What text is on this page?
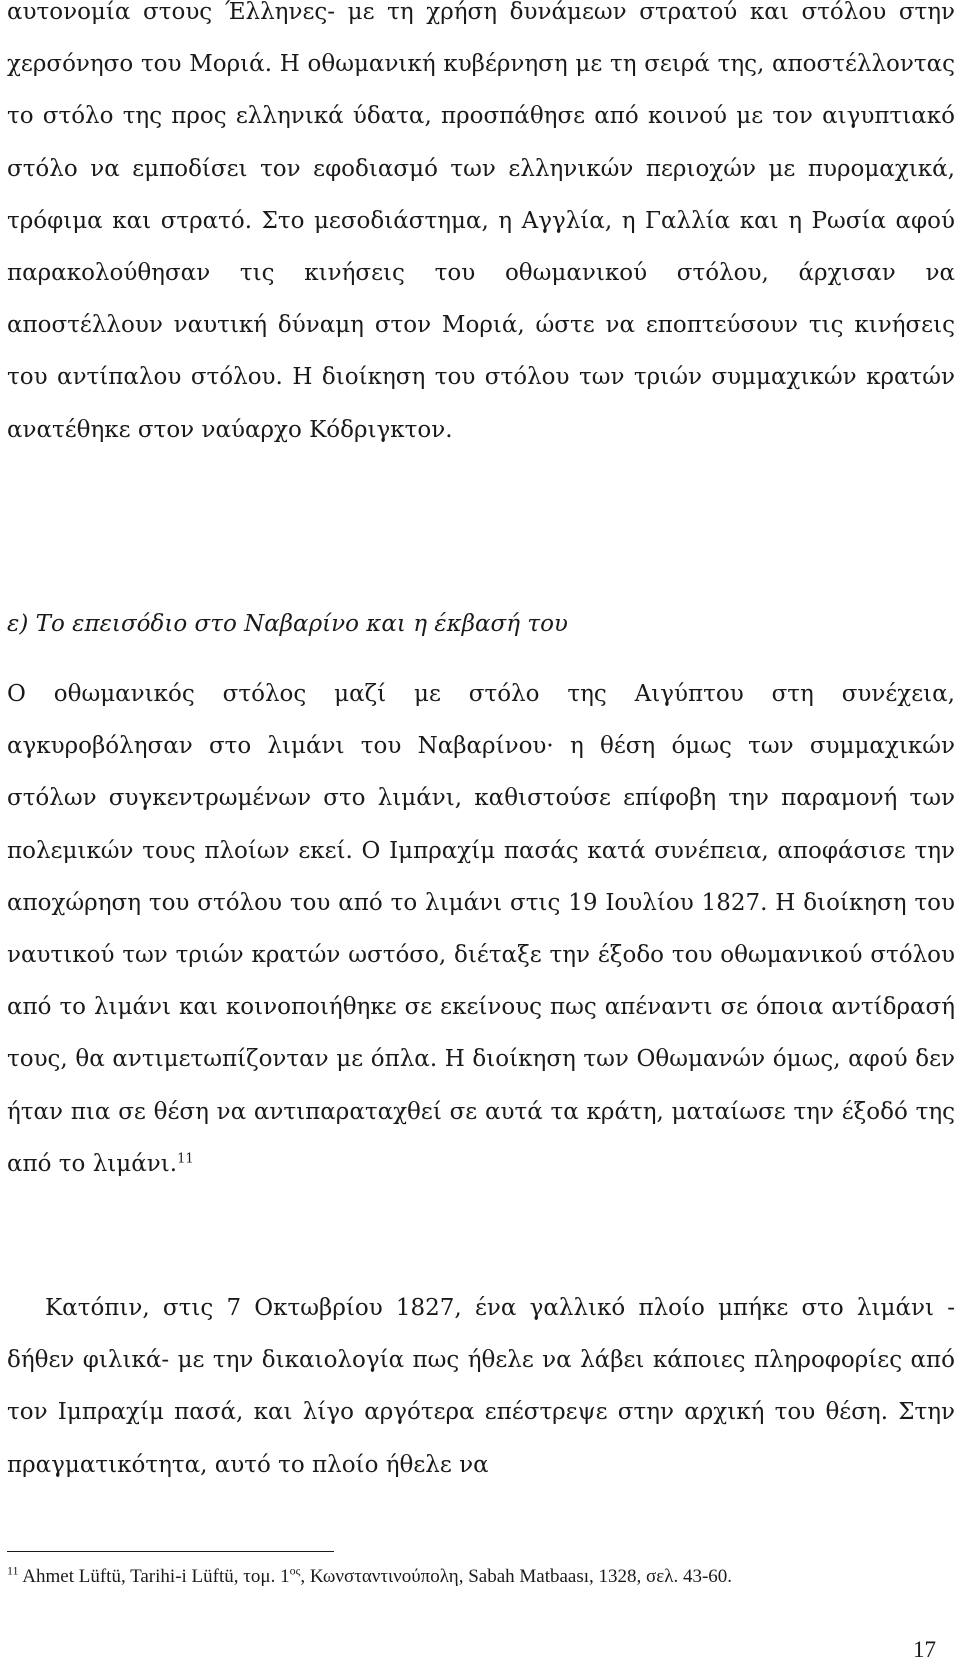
αυτονομία στους Έλληνες- με τη χρήση δυνάμεων στρατού και στόλου στην χερσόνησο του Μοριά. Η οθωμανική κυβέρνηση με τη σειρά της, αποστέλλοντας το στόλο της προς ελληνικά ύδατα, προσπάθησε από κοινού με τον αιγυπτιακό στόλο να εμποδίσει τον εφοδιασμό των ελληνικών περιοχών με πυρομαχικά, τρόφιμα και στρατό. Στο μεσοδιάστημα, η Αγγλία, η Γαλλία και η Ρωσία αφού παρακολούθησαν τις κινήσεις του οθωμανικού στόλου, άρχισαν να αποστέλλουν ναυτική δύναμη στον Μοριά, ώστε να εποπτεύσουν τις κινήσεις του αντίπαλου στόλου. Η διοίκηση του στόλου των τριών συμμαχικών κρατών ανατέθηκε στον ναύαρχο Κόδριγκτον.

ε) Το επεισόδιο στο Ναβαρίνο και η έκβασή του

Ο οθωμανικός στόλος μαζί με στόλο της Αιγύπτου στη συνέχεια, αγκυροβόλησαν στο λιμάνι του Ναβαρίνου· η θέση όμως των συμμαχικών στόλων συγκεντρωμένων στο λιμάνι, καθιστούσε επίφοβη την παραμονή των πολεμικών τους πλοίων εκεί. Ο Ιμπραχίμ πασάς κατά συνέπεια, αποφάσισε την αποχώρηση του στόλου του από το λιμάνι στις 19 Ιουλίου 1827. Η διοίκηση του ναυτικού των τριών κρατών ωστόσο, διέταξε την έξοδο του οθωμανικού στόλου από το λιμάνι και κοινοποιήθηκε σε εκείνους πως απέναντι σε όποια αντίδρασή τους, θα αντιμετωπίζονταν με όπλα. Η διοίκηση των Οθωμανών όμως, αφού δεν ήταν πια σε θέση να αντιπαραταχθεί σε αυτά τα κράτη, ματαίωσε την έξοδό της από το λιμάνι.$^{11}$

Κατόπιν, στις 7 Οκτωβρίου 1827, ένα γαλλικό πλοίο μπήκε στο λιμάνι - δήθεν φιλικά- με την δικαιολογία πως ήθελε να λάβει κάποιες πληροφορίες από τον Ιμπραχίμ πασά, και λίγο αργότερα επέστρεψε στην αρχική του θέση. Στην πραγματικότητα, αυτό το πλοίο ήθελε να

$^{11}$ Ahmet Lüftü, Tarihi-i Lüftü, τομ. $1^{o\varsigma}$, Κωνσταντινούπολη, Sabah Matbaası, 1328, σελ. 43-60.

17
